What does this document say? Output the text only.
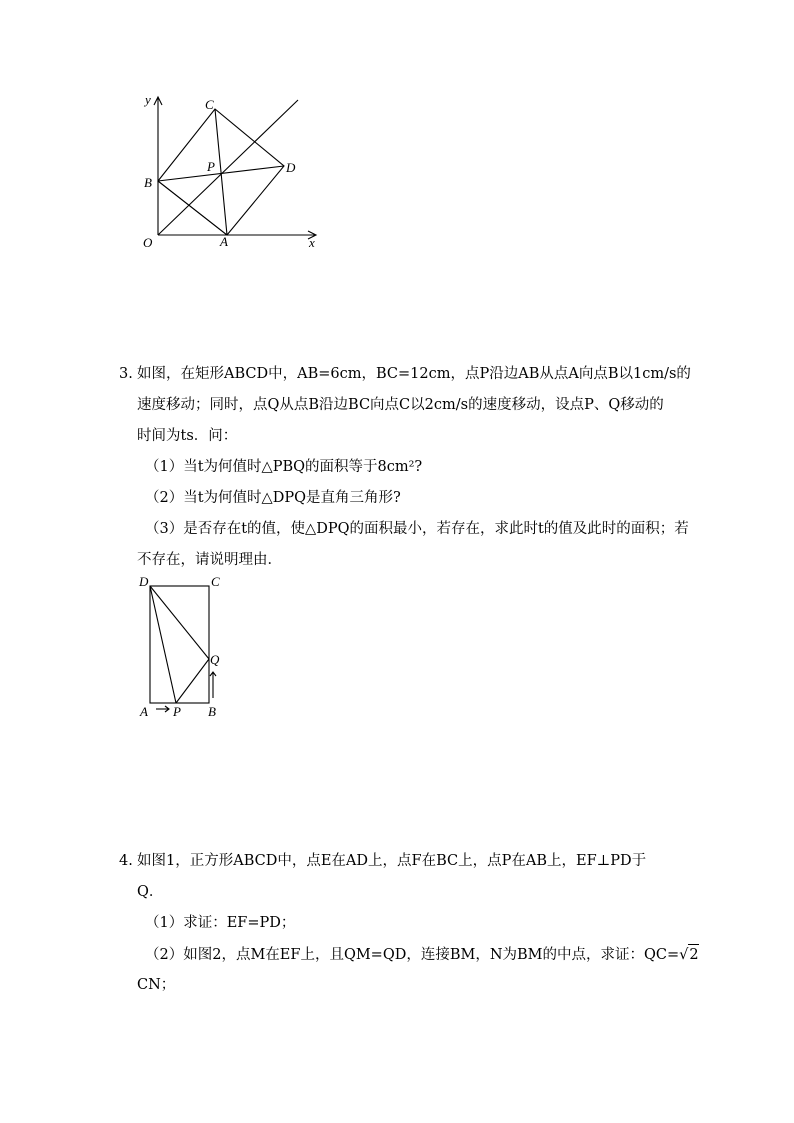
y
x
O	A
B
C
D
P
3. 如图，在矩形ABCD中，AB=6cm，BC=12cm，点P沿边AB从点A向点B以1cm/s的
速度移动；同时，点Q从点B沿边BC向点C以2cm/s的速度移动，设点P、Q移动的
时间为ts．问：
（1）当t为何值时△PBQ的面积等于8cm²?
（2）当t为何值时△DPQ是直角三角形?
（3）是否存在t的值，使△DPQ的面积最小，若存在，求此时t的值及此时的面积；若
不存在，请说明理由．
D	C
Q
A P B
4. 如图1，正方形ABCD中，点E在AD上，点F在BC上，点P在AB上，EF⊥PD于
Q．
（1）求证：EF=PD；
（2）如图2，点M在EF上，且QM=QD，连接BM，N为BM的中点，求证：QC=√2
CN；
